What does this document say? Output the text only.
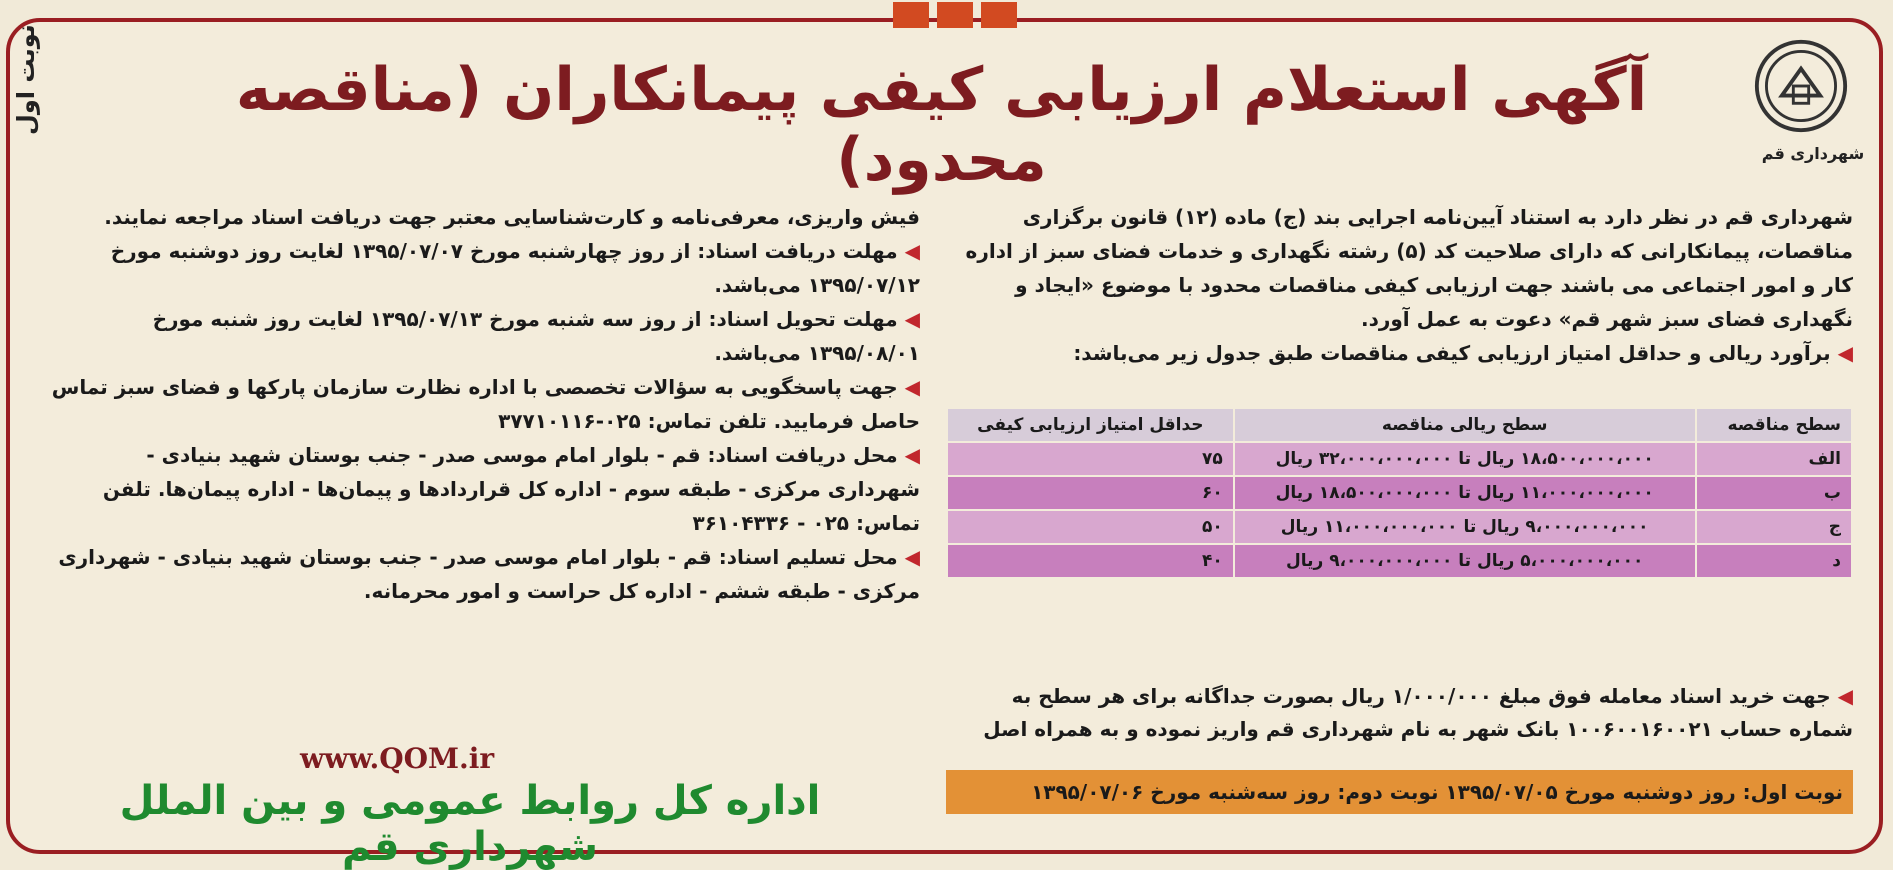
نوبت اول
شهرداری قم
آگهی استعلام ارزیابی کیفی پیمانکاران (مناقصه محدود)

شهرداری قم در نظر دارد به استناد آیین‌نامه اجرایی بند (ج) ماده (۱۲) قانون برگزاری مناقصات، پیمانکارانی که دارای صلاحیت کد (۵) رشته نگهداری و خدمات فضای سبز از اداره کار و امور اجتماعی می باشند جهت ارزیابی کیفی مناقصات محدود با موضوع «ایجاد و نگهداری فضای سبز شهر قم» دعوت به عمل آورد.

◀ برآورد ریالی و حداقل امتیاز ارزیابی کیفی مناقصات طبق جدول زیر می‌باشد:

سطح مناقصه	سطح ریالی مناقصه	حداقل امتیاز ارزیابی کیفی
الف	۱۸،۵۰۰،۰۰۰،۰۰۰ ریال تا ۳۲،۰۰۰،۰۰۰،۰۰۰ ریال	۷۵
ب	۱۱،۰۰۰،۰۰۰،۰۰۰ ریال تا ۱۸،۵۰۰،۰۰۰،۰۰۰ ریال	۶۰
ج	۹،۰۰۰،۰۰۰،۰۰۰ ریال تا ۱۱،۰۰۰،۰۰۰،۰۰۰ ریال	۵۰
د	۵،۰۰۰،۰۰۰،۰۰۰ ریال تا ۹،۰۰۰،۰۰۰،۰۰۰ ریال	۴۰
◀ جهت خرید اسناد معامله فوق مبلغ ۱/۰۰۰/۰۰۰ ریال بصورت جداگانه برای هر سطح به شماره حساب ۱۰۰۶۰۰۱۶۰۰۲۱ بانک شهر به نام شهرداری قم واریز نموده و به همراه اصل
نوبت اول: روز دوشنبه مورخ ۱۳۹۵/۰۷/۰۵ نوبت دوم: روز سه‌شنبه مورخ ۱۳۹۵/۰۷/۰۶

فیش واریزی، معرفی‌نامه و کارت‌شناسایی معتبر جهت دریافت اسناد مراجعه نمایند.

◀ مهلت دریافت اسناد: از روز چهارشنبه مورخ ۱۳۹۵/۰۷/۰۷ لغایت روز دوشنبه مورخ ۱۳۹۵/۰۷/۱۲ می‌باشد.

◀ مهلت تحویل اسناد: از روز سه شنبه مورخ ۱۳۹۵/۰۷/۱۳ لغایت روز شنبه مورخ ۱۳۹۵/۰۸/۰۱ می‌باشد.

◀ جهت پاسخگویی به سؤالات تخصصی با اداره نظارت سازمان پارکها و فضای سبز تماس حاصل فرمایید. تلفن تماس: ۰۲۵-۳۷۷۱۰۱۱۶

◀ محل دریافت اسناد: قم - بلوار امام موسی صدر - جنب بوستان شهید بنیادی - شهرداری مرکزی - طبقه سوم - اداره کل قراردادها و پیمان‌ها - اداره پیمان‌ها. تلفن تماس: ۰۲۵ - ۳۶۱۰۴۳۳۶

◀ محل تسلیم اسناد: قم - بلوار امام موسی صدر - جنب بوستان شهید بنیادی - شهرداری مرکزی - طبقه ششم - اداره کل حراست و امور محرمانه.

www.QOM.ir
اداره کل روابط عمومی و بین الملل شهرداری قم
